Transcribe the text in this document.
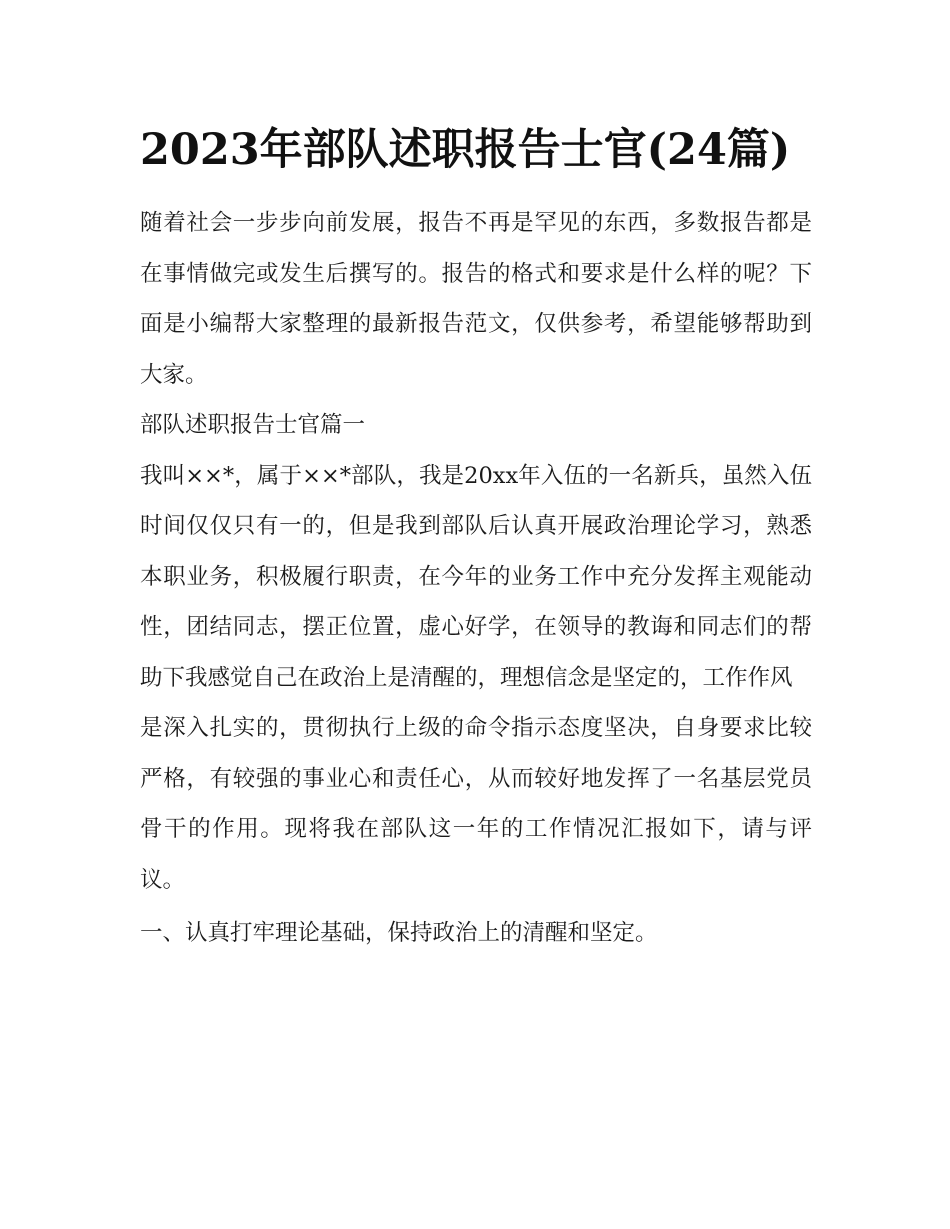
2023年部队述职报告士官(24篇)

随着社会一步步向前发展，报告不再是罕见的东西，多数报告都是在事情做完或发生后撰写的。报告的格式和要求是什么样的呢？下面是小编帮大家整理的最新报告范文，仅供参考，希望能够帮助到大家。

部队述职报告士官篇一

我叫××*，属于××*部队，我是20xx年入伍的一名新兵，虽然入伍时间仅仅只有一的，但是我到部队后认真开展政治理论学习，熟悉本职业务，积极履行职责，在今年的业务工作中充分发挥主观能动性，团结同志，摆正位置，虚心好学，在领导的教诲和同志们的帮助下我感觉自己在政治上是清醒的，理想信念是坚定的，工作作风

是深入扎实的，贯彻执行上级的命令指示态度坚决，自身要求比较严格，有较强的事业心和责任心，从而较好地发挥了一名基层党员骨干的作用。现将我在部队这一年的工作情况汇报如下，请与评议。

一、认真打牢理论基础，保持政治上的清醒和坚定。
